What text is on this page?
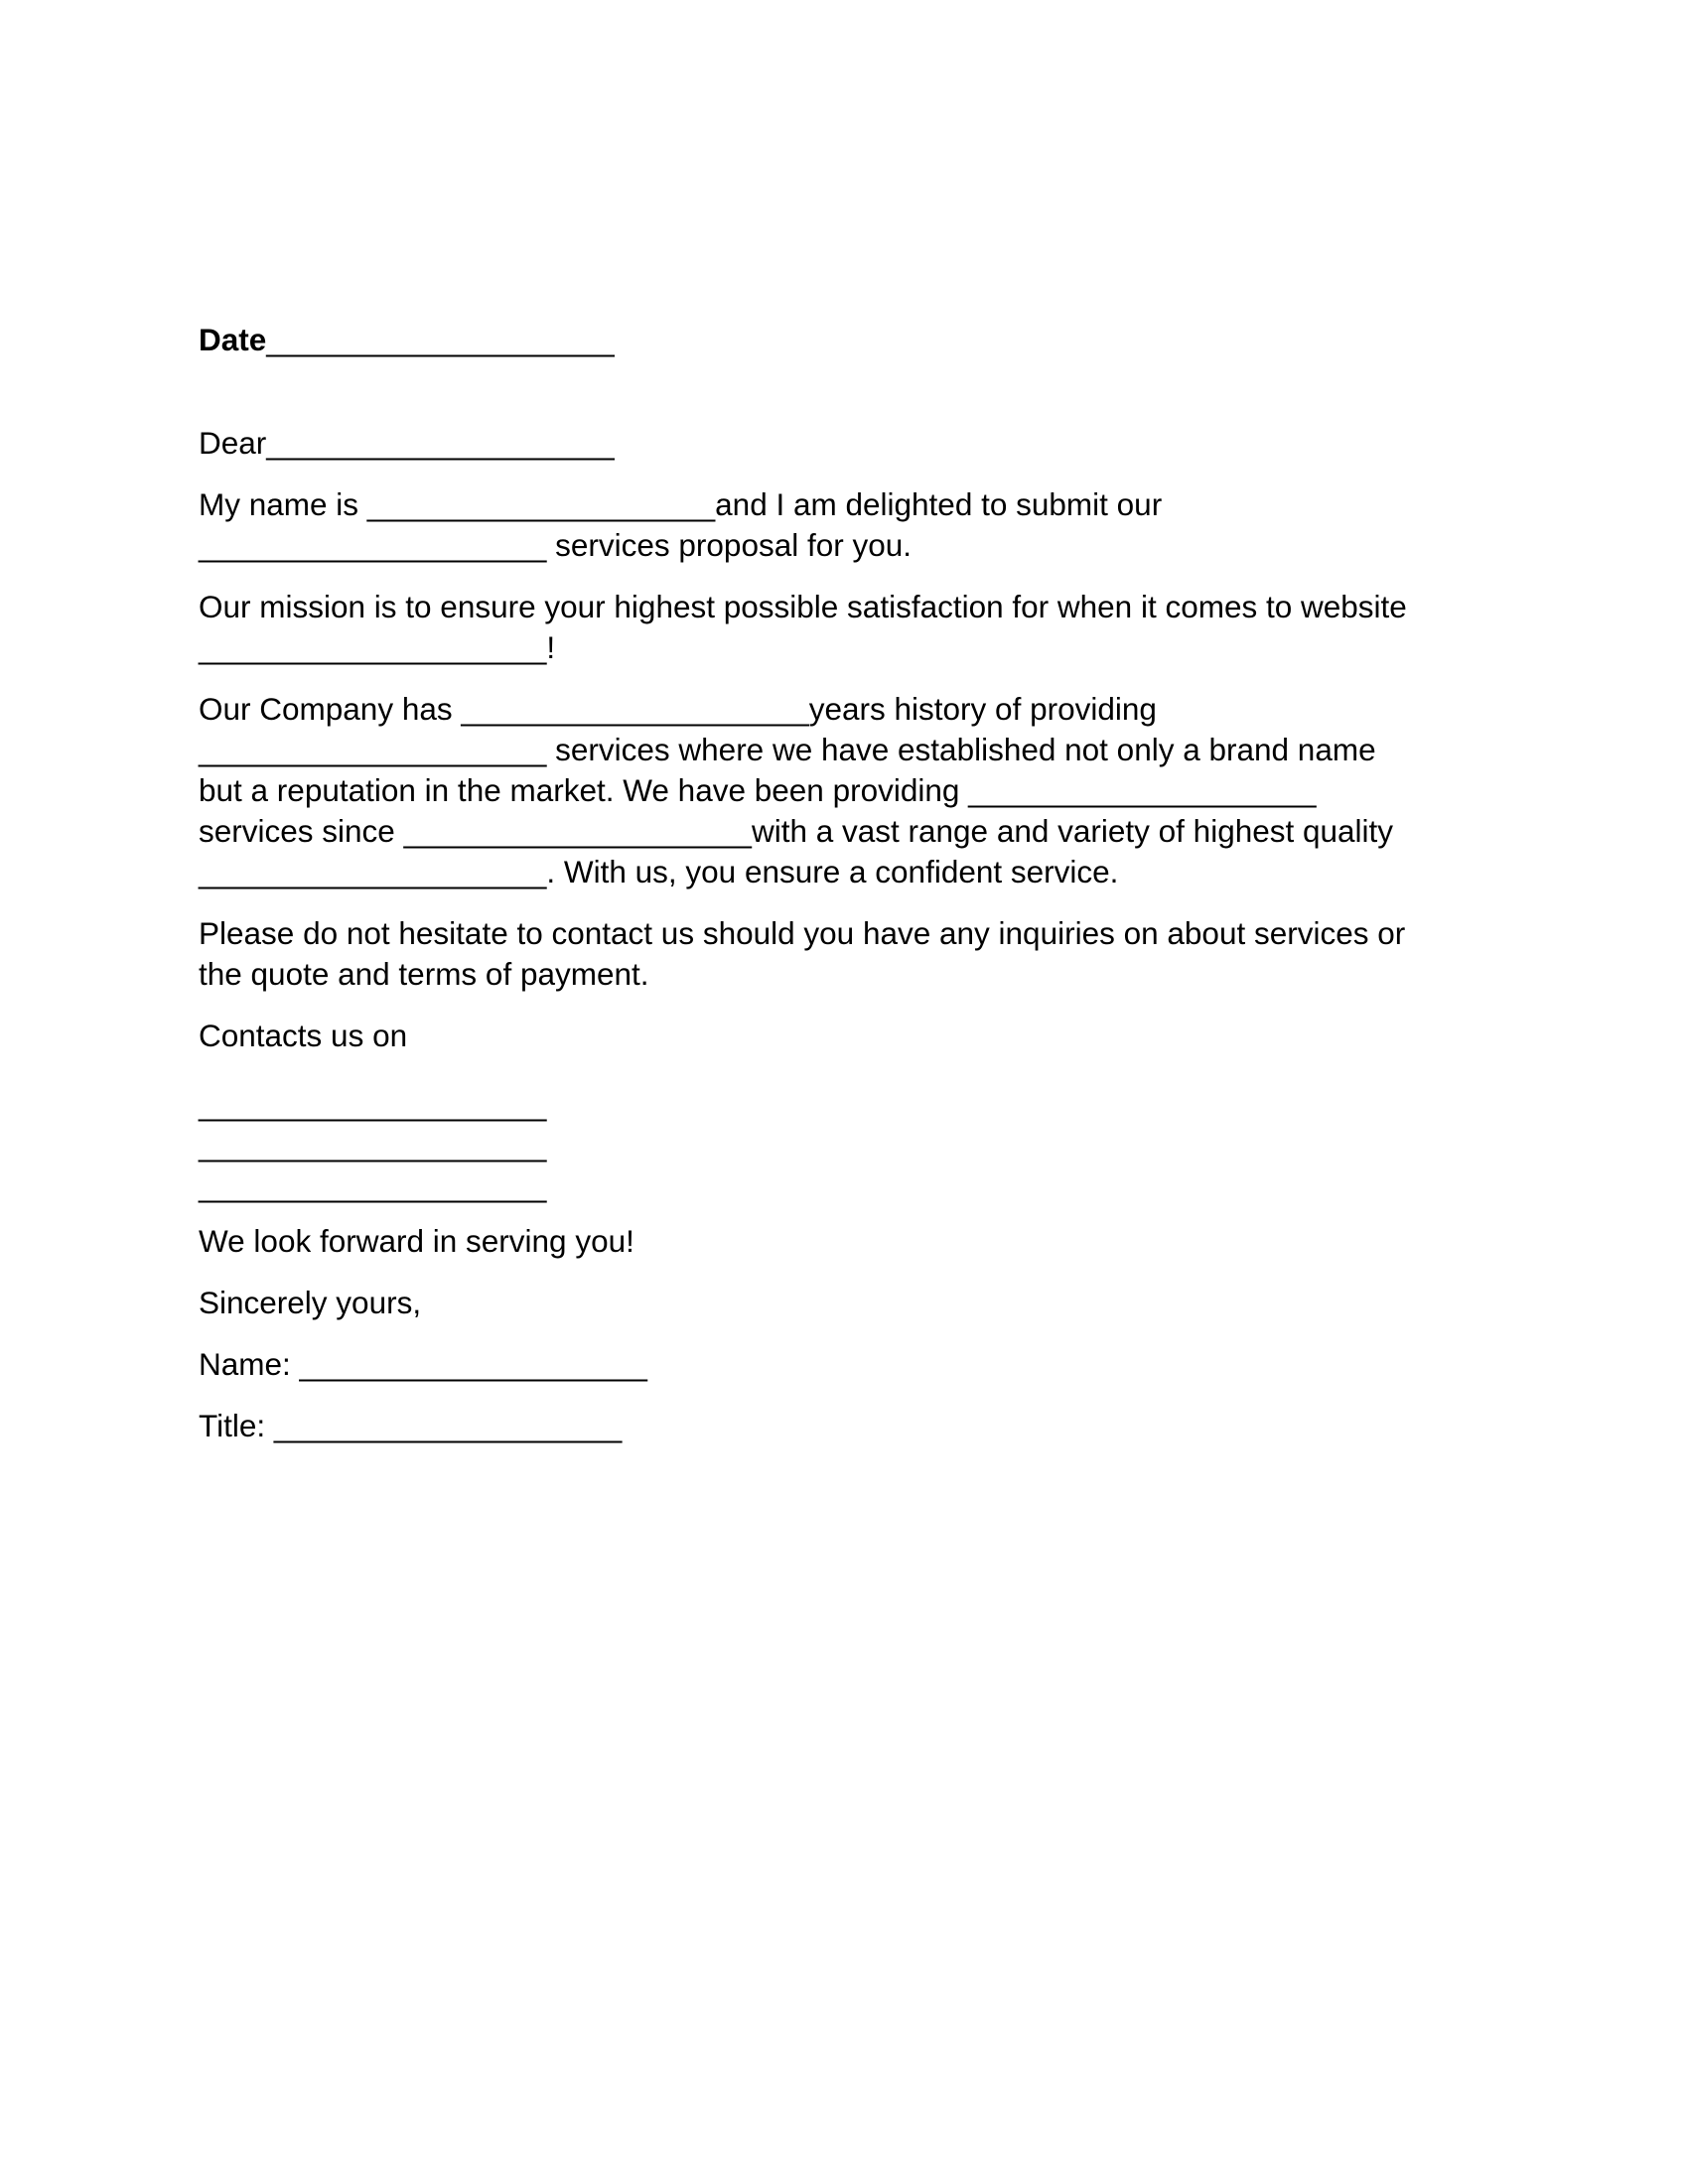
Date____________________
Dear____________________
My name is ____________________and I am delighted to submit our
____________________ services proposal for you.
Our mission is to ensure your highest possible satisfaction for when it comes to website
____________________!
Our Company has ____________________years history of providing
____________________ services where we have established not only a brand name
but a reputation in the market. We have been providing ____________________
services since ____________________with a vast range and variety of highest quality
____________________. With us, you ensure a confident service.
Please do not hesitate to contact us should you have any inquiries on about services or
the quote and terms of payment.
Contacts us on
____________________
____________________
____________________
We look forward in serving you!
Sincerely yours,
Name: ____________________
Title: ____________________
